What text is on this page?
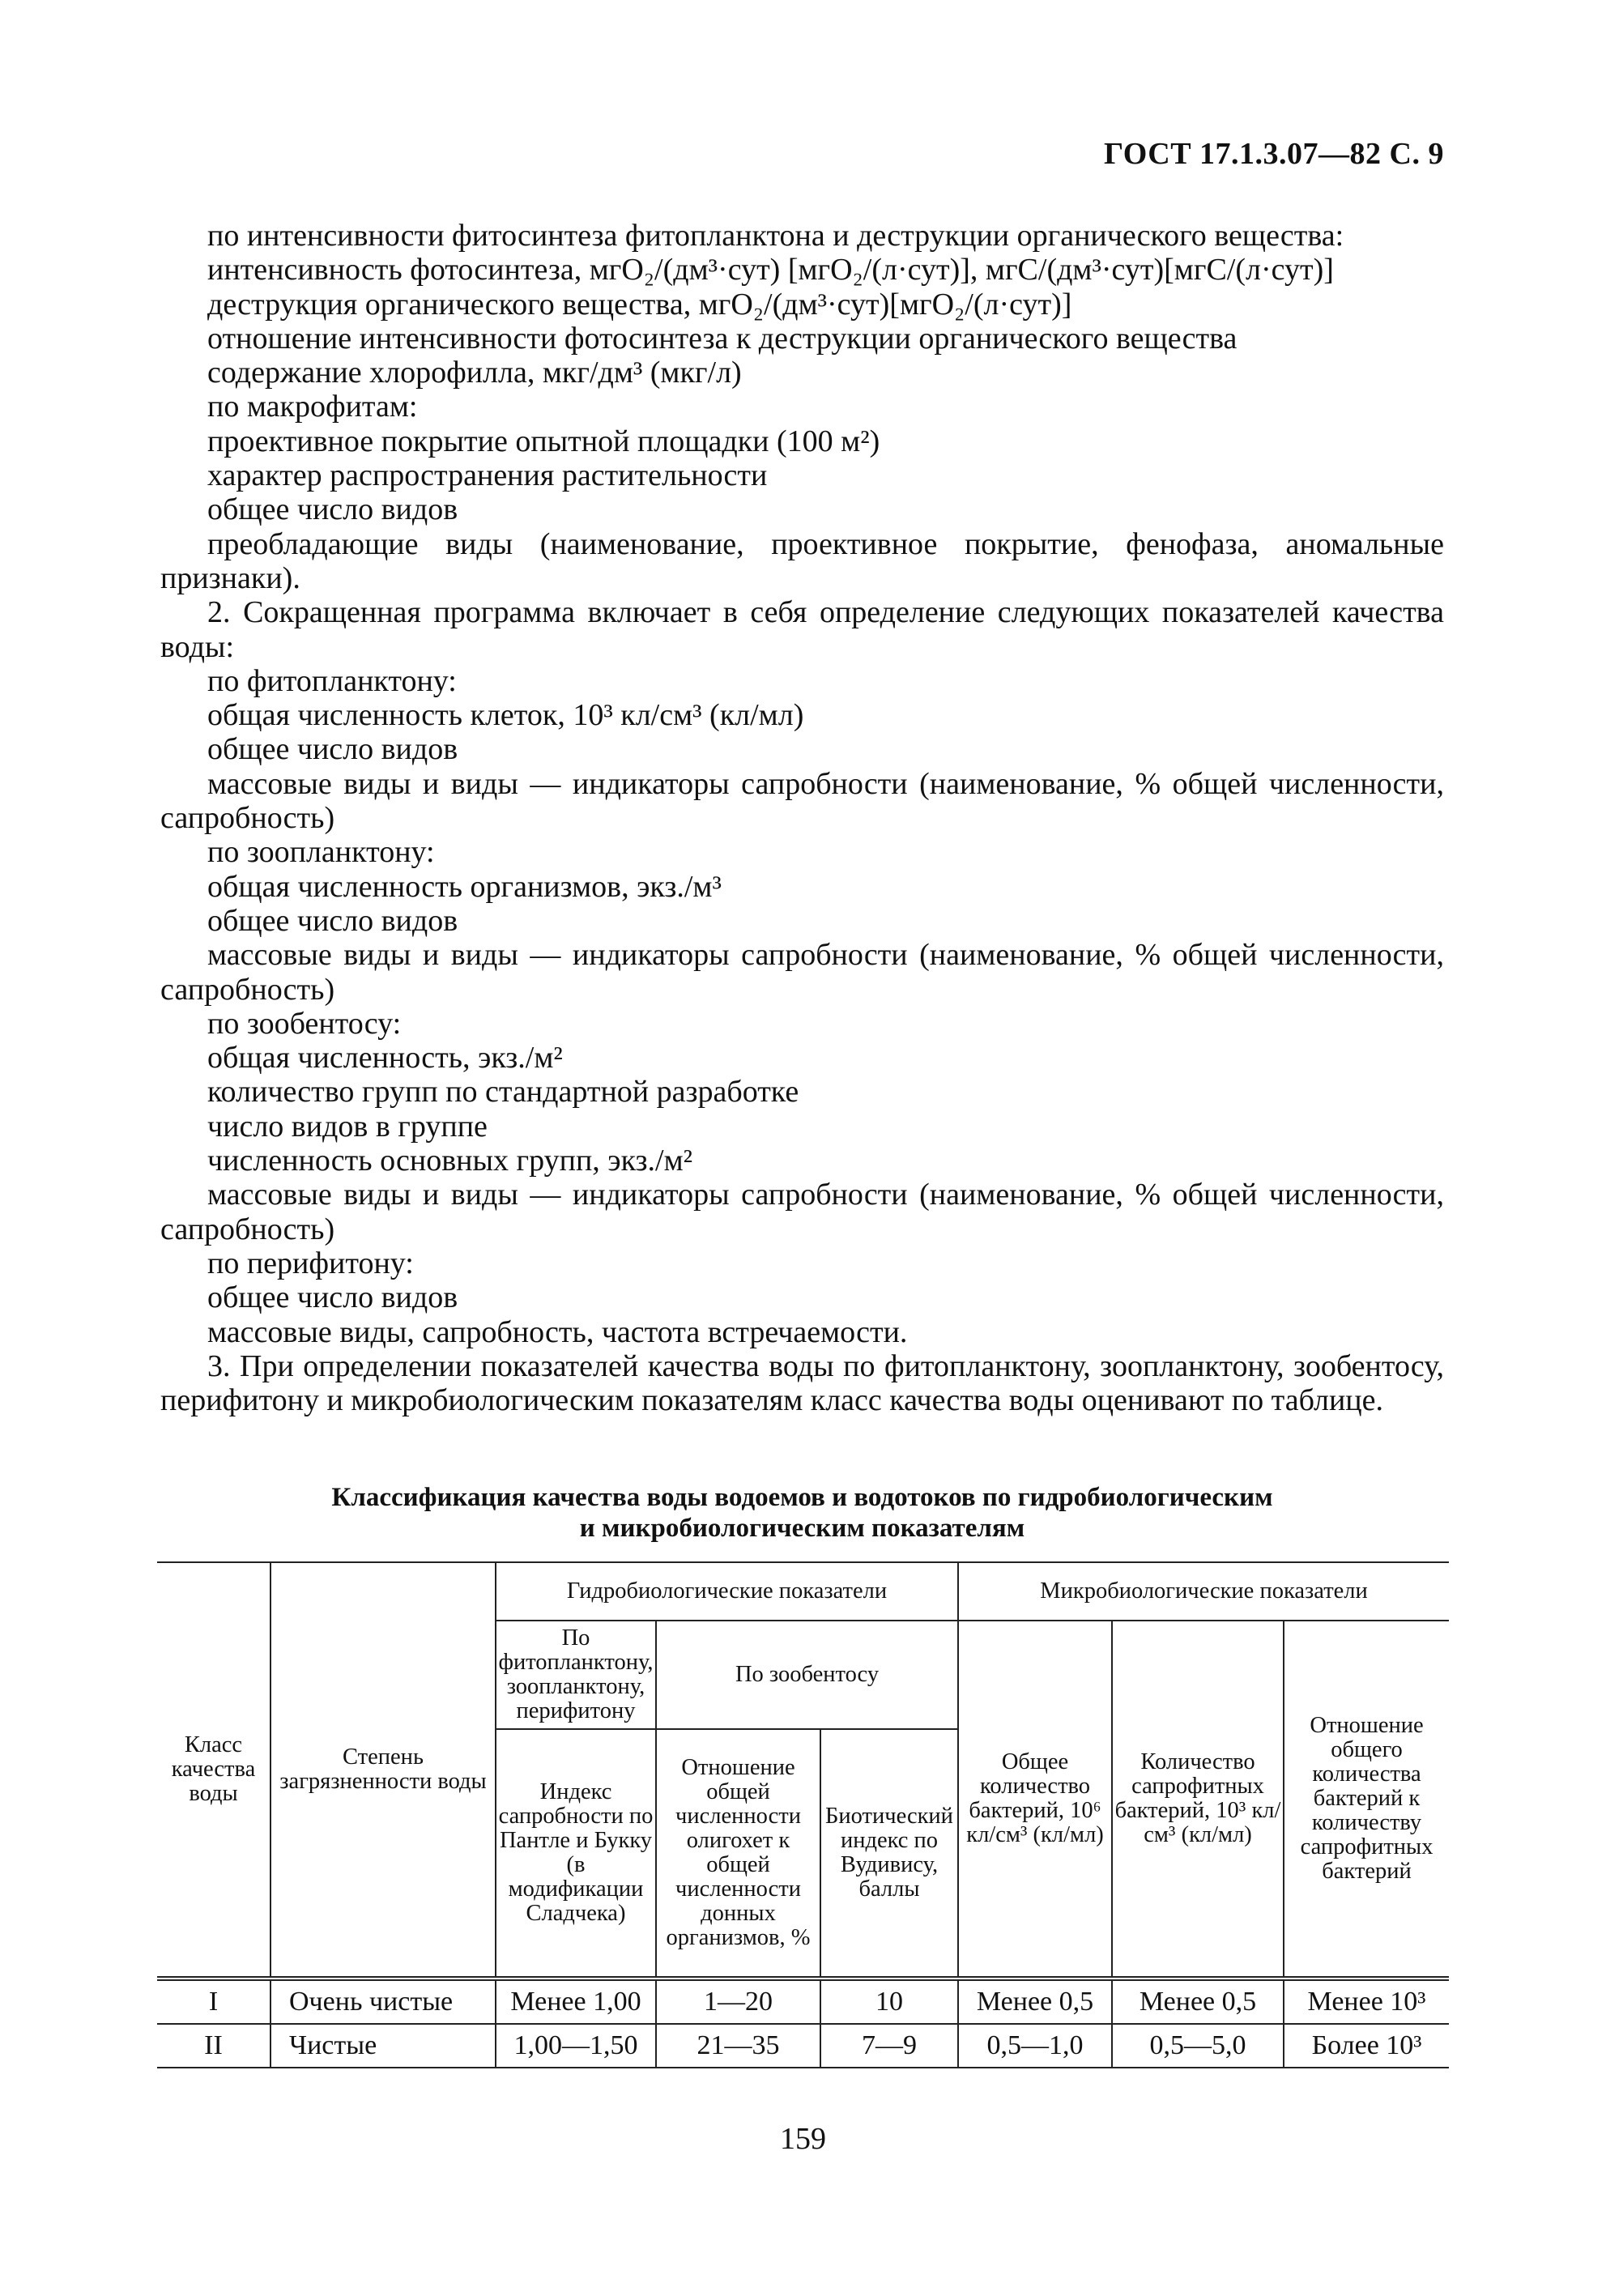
ГОСТ 17.1.3.07—82 С. 9

по интенсивности фитосинтеза фитопланктона и деструкции органического вещества:

интенсивность фотосинтеза, мгО₂/(дм³·сут) [мгО₂/(л·сут)], мгС/(дм³·сут)[мгС/(л·сут)]

деструкция органического вещества, мгО₂/(дм³·сут)[мгО₂/(л·сут)]

отношение интенсивности фотосинтеза к деструкции органического вещества

содержание хлорофилла, мкг/дм³ (мкг/л)

по макрофитам:

проективное покрытие опытной площадки (100 м²)

характер распространения растительности

общее число видов

преобладающие виды (наименование, проективное покрытие, фенофаза, аномальные признаки).

2. Сокращенная программа включает в себя определение следующих показателей качества воды:

по фитопланктону:

общая численность клеток, 10³ кл/см³ (кл/мл)

общее число видов

массовые виды и виды — индикаторы сапробности (наименование, % общей численности, сапробность)

по зоопланктону:

общая численность организмов, экз./м³

общее число видов

массовые виды и виды — индикаторы сапробности (наименование, % общей численности, сапробность)

по зообентосу:

общая численность, экз./м²

количество групп по стандартной разработке

число видов в группе

численность основных групп, экз./м²

массовые виды и виды — индикаторы сапробности (наименование, % общей численности, сапробность)

по перифитону:

общее число видов

массовые виды, сапробность, частота встречаемости.

3. При определении показателей качества воды по фитопланктону, зоопланктону, зообентосу, перифитону и микробиологическим показателям класс качества воды оценивают по таблице.

Классификация качества воды водоемов и водотоков по гидробиологическим
и микробиологическим показателям
Класс качества воды	Степень загрязненности воды	Гидробиологические показатели			Микробиологические показатели		
		По фитопланктону, зоопланктону, перифитону	По зообентосу		Общее количество бактерий, 10⁶ кл/см³ (кл/мл)	Количество сапрофитных бактерий, 10³ кл/см³ (кл/мл)	Отношение общего количества бактерий к количеству сапрофитных бактерий
		Индекс сапробности по Пантле и Букку (в модификации Сладчека)	Отношение общей численности олигохет к общей численности донных организмов, %	Биотический индекс по Вудивису, баллы			
I	Очень чистые	Менее 1,00	1—20	10	Менее 0,5	Менее 0,5	Менее 10³
II	Чистые	1,00—1,50	21—35	7—9	0,5—1,0	0,5—5,0	Более 10³
159
